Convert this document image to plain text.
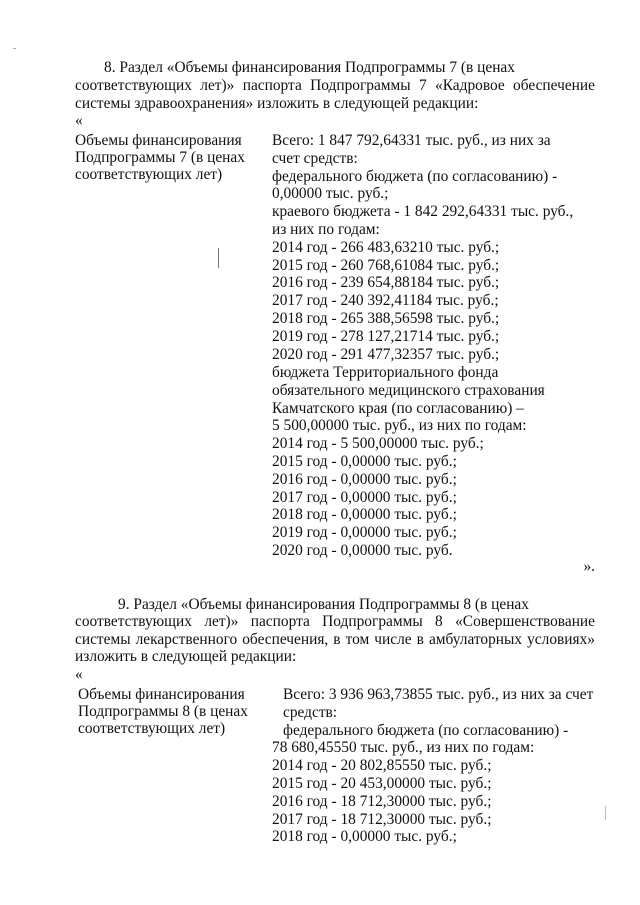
8. Раздел «Объемы финансирования Подпрограммы 7 (в ценах
соответствующих лет)» паспорта Подпрограммы 7 «Кадровое обеспечение
системы здравоохранения» изложить в следующей редакции:
«
Объемы финансирования
Подпрограммы 7 (в ценах
соответствующих лет)
Всего: 1 847 792,64331 тыс. руб., из них за
счет средств:
федерального бюджета (по согласованию) -
0,00000 тыс. руб.;
краевого бюджета - 1 842 292,64331 тыс. руб.,
из них по годам:
2014 год - 266 483,63210 тыс. руб.;
2015 год - 260 768,61084 тыс. руб.;
2016 год - 239 654,88184 тыс. руб.;
2017 год - 240 392,41184 тыс. руб.;
2018 год - 265 388,56598 тыс. руб.;
2019 год - 278 127,21714 тыс. руб.;
2020 год - 291 477,32357 тыс. руб.;
бюджета Территориального фонда
обязательного медицинского страхования
Камчатского края (по согласованию) –
5 500,00000 тыс. руб., из них по годам:
2014 год - 5 500,00000 тыс. руб.;
2015 год - 0,00000 тыс. руб.;
2016 год - 0,00000 тыс. руб.;
2017 год - 0,00000 тыс. руб.;
2018 год - 0,00000 тыс. руб.;
2019 год - 0,00000 тыс. руб.;
2020 год - 0,00000 тыс. руб.
».
9. Раздел «Объемы финансирования Подпрограммы 8 (в ценах
соответствующих лет)» паспорта Подпрограммы 8 «Совершенствование
системы лекарственного обеспечения, в том числе в амбулаторных условиях»
изложить в следующей редакции:
«
Объемы финансирования
Подпрограммы 8 (в ценах
соответствующих лет)
Всего: 3 936 963,73855 тыс. руб., из них за счет
средств:
федерального бюджета (по согласованию) -
78 680,45550 тыс. руб., из них по годам:
2014 год - 20 802,85550 тыс. руб.;
2015 год - 20 453,00000 тыс. руб.;
2016 год - 18 712,30000 тыс. руб.;
2017 год - 18 712,30000 тыс. руб.;
2018 год - 0,00000 тыс. руб.;
